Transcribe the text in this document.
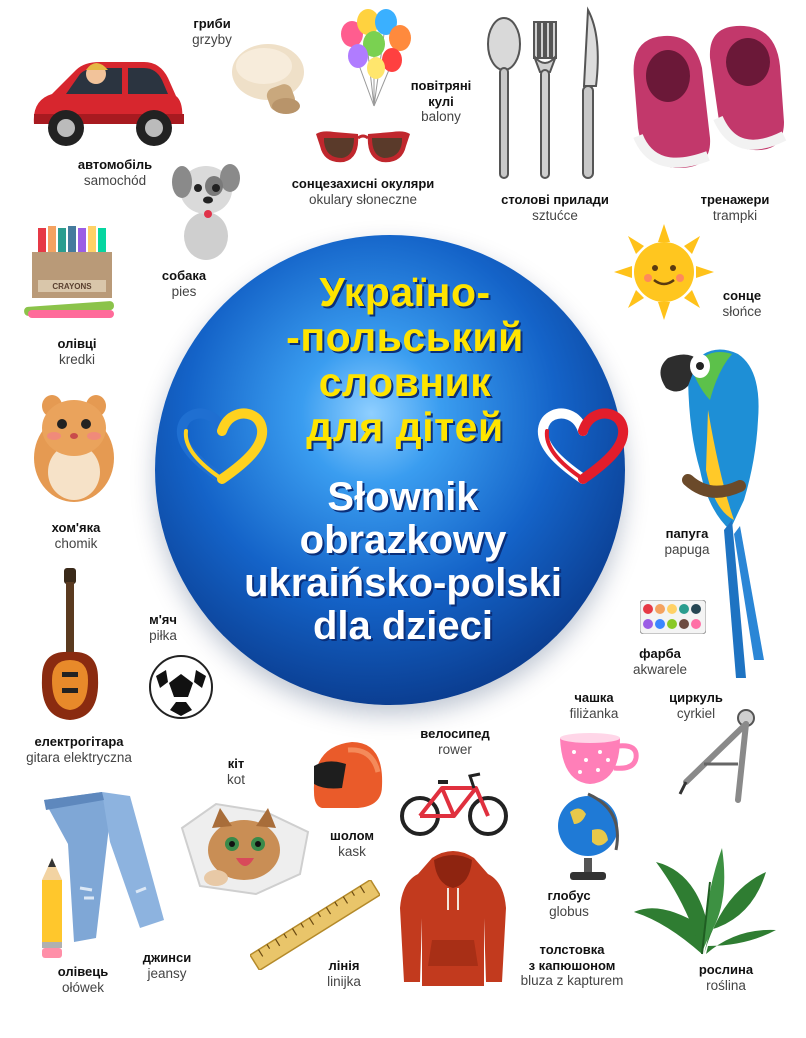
Україно-
-польський
словник
для дітей
Słownik
obrazkowy
ukraińsko-polski
dla dzieci
автомобіль
samochód
гриби
grzyby
повітряні
кулі
balony
сонцезахисні окуляри
okulary słoneczne	столові прилади
sztućce
тренажери
trampki
собака
pies
CRAYONS
олівці
kredki
сонце
słońce
хом'яка
chomik
папуга
papuga
фарба
akwarele
електрогітара
gitara elektryczna
м'яч
piłka
чашка
filiżanka
циркуль
cyrkiel
кіт
kot
шолом
kask
велосипед
rower
глобус
globus
рослина
roślina
джинси
jeansy
олівець
ołówek
лінія
linijka
толстовка
з капюшоном
bluza z kapturem
